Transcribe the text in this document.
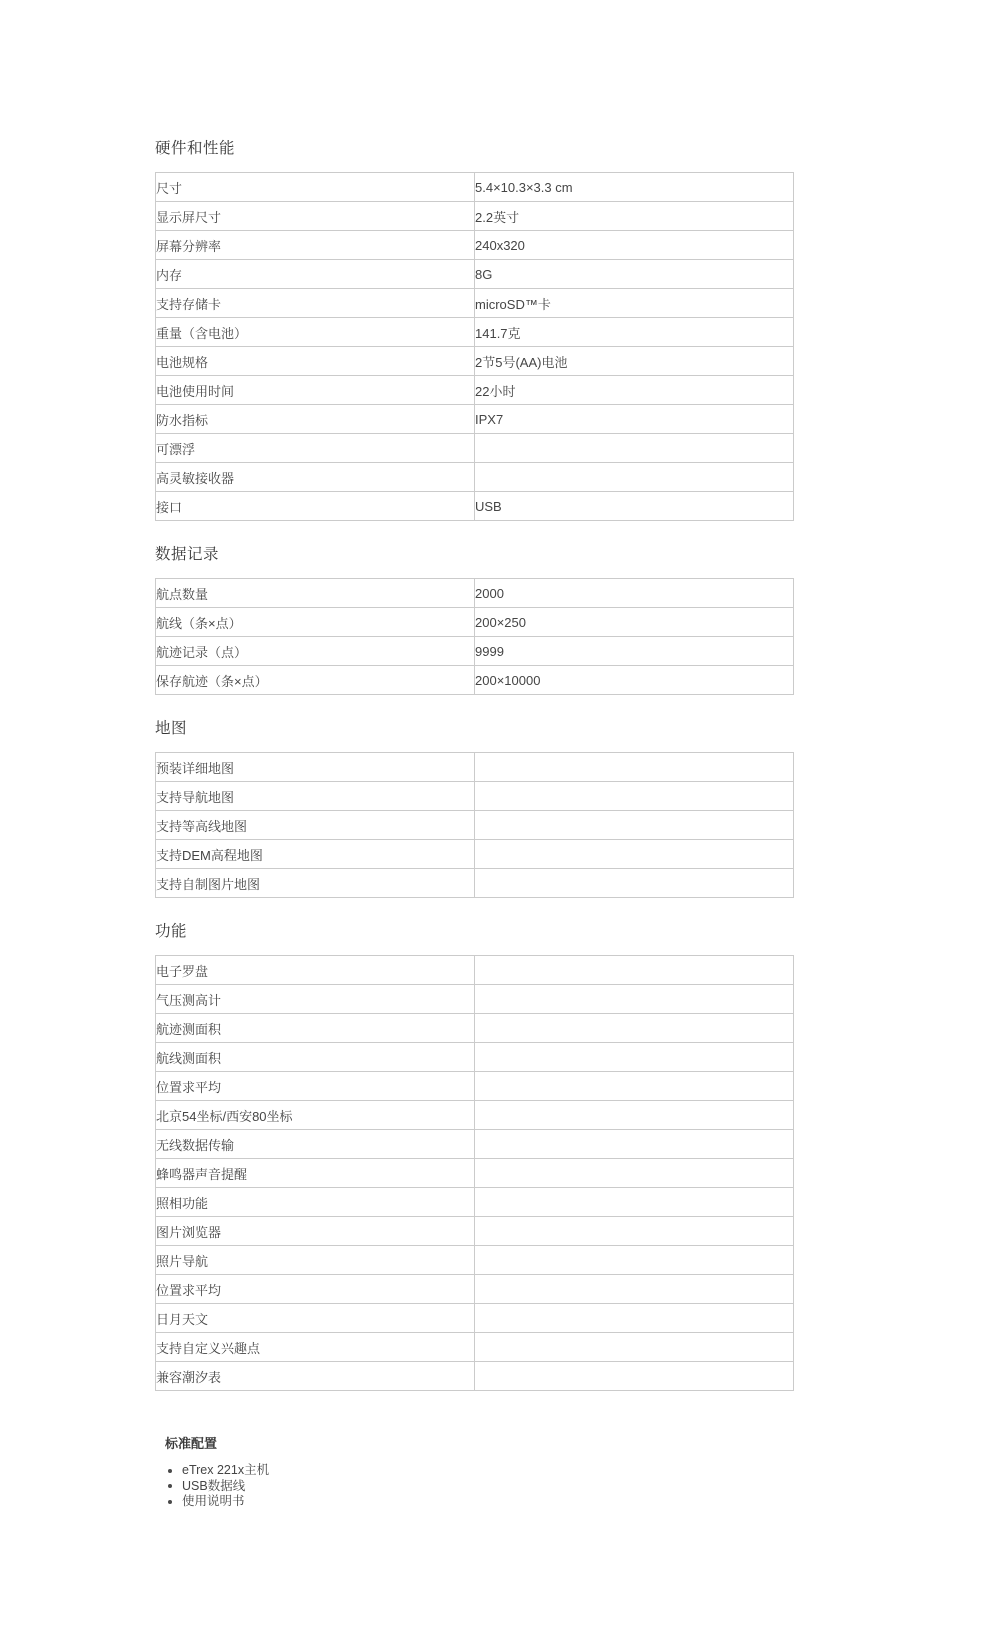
硬件和性能
尺寸	5.4×10.3×3.3 cm
显示屏尺寸	2.2英寸
屏幕分辨率	240x320
内存	8G
支持存储卡	microSD™卡
重量（含电池）	141.7克
电池规格	2节5号(AA)电池
电池使用时间	22小时
防水指标	IPX7
可漂浮	
高灵敏接收器	
接口	USB
数据记录
航点数量	2000
航线（条×点）	200×250
航迹记录（点）	9999
保存航迹（条×点）	200×10000
地图
预装详细地图	
支持导航地图	
支持等高线地图	
支持DEM高程地图	
支持自制图片地图	
功能
电子罗盘	
气压测高计	
航迹测面积	
航线测面积	
位置求平均	
北京54坐标/西安80坐标	
无线数据传输	
蜂鸣器声音提醒	
照相功能	
图片浏览器	
照片导航	
位置求平均	
日月天文	
支持自定义兴趣点	
兼容潮汐表	
标准配置
eTrex 221x主机
USB数据线
使用说明书
